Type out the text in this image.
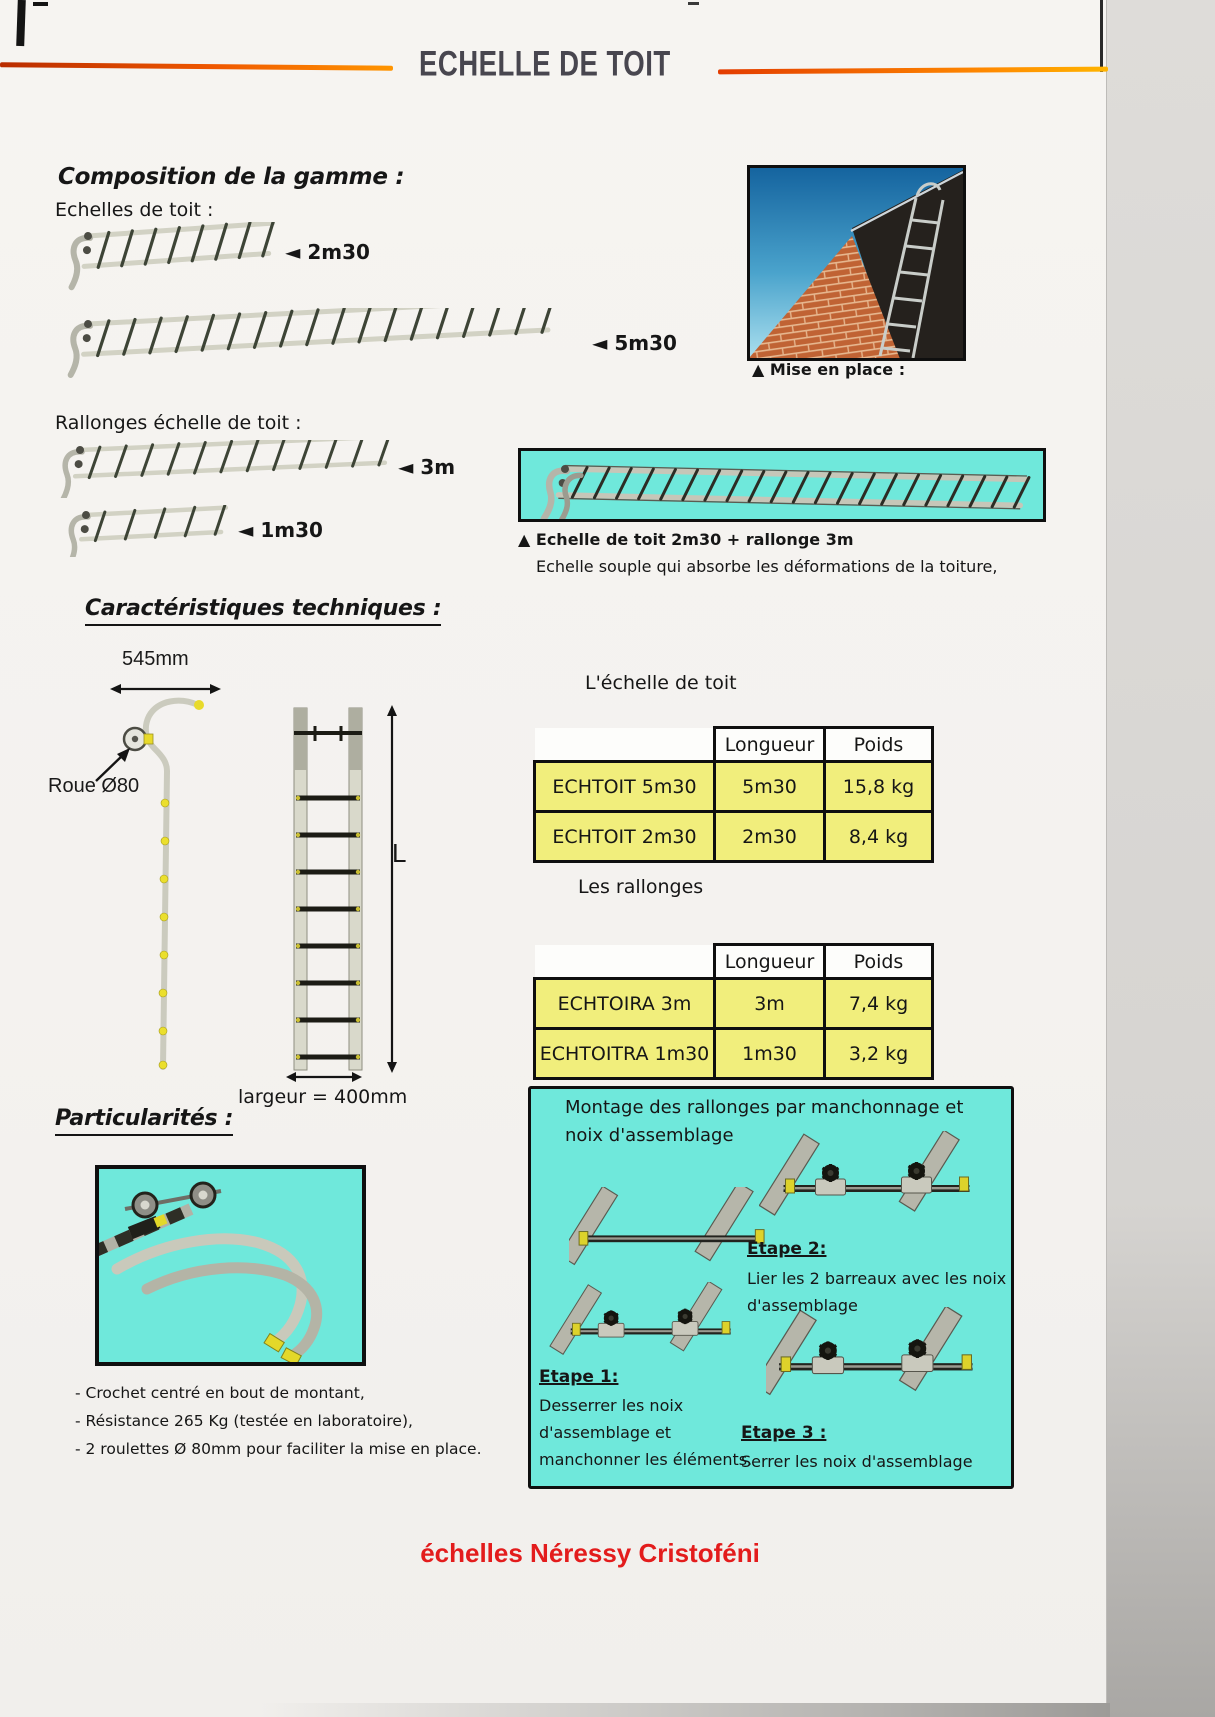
ECHELLE DE TOIT
Composition de la gamme :
Echelles de toit :
◄ 2m30
◄ 5m30
▲ Mise en place :
Rallonges échelle de toit :
◄ 3m
◄ 1m30	▲ Echelle de toit 2m30 + rallonge 3m
Echelle souple qui absorbe les déformations de la toiture,
Caractéristiques techniques :
545mm
Roue Ø80
L
largeur = 400mm
L'échelle de toit
	Longueur	Poids
ECHTOIT 5m30	5m30	15,8 kg
ECHTOIT 2m30	2m30	8,4 kg
Les rallonges
	Longueur	Poids
ECHTOIRA 3m	3m	7,4 kg
ECHTOITRA 1m30	1m30	3,2 kg
Particularités :
- Crochet centré en bout de montant,
- Résistance 265 Kg (testée en laboratoire),
- 2 roulettes Ø 80mm pour faciliter la mise en place.
Montage des rallonges par manchonnage et
noix d'assemblage
Etape 2:
Lier les 2 barreaux avec les noix
d'assemblage
Etape 1:
Desserrer les noix
d'assemblage et
manchonner les éléments.
Etape 3 :
Serrer les noix d'assemblage
échelles Néressy Cristoféni
